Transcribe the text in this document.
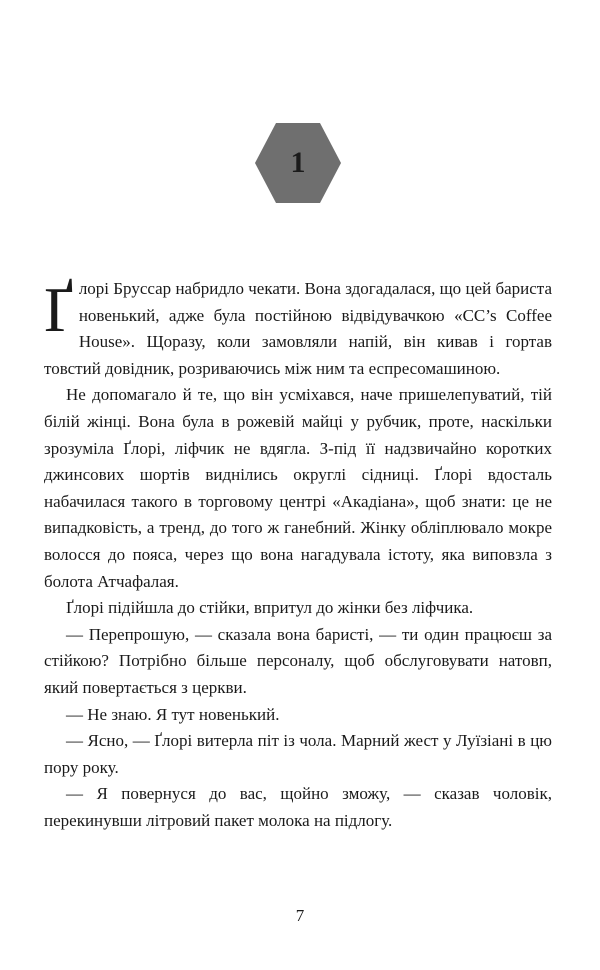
1

Ґлорі Бруссар набридло чекати. Вона здогадалася, що цей бариста новенький, адже була постійною відвідувачкою «CC’s Coffee House». Щоразу, коли замовляли напій, він кивав і гортав товстий довідник, розриваючись між ним та еспресомашиною.

Не допомагало й те, що він усміхався, наче пришелепуватий, тій білій жінці. Вона була в рожевій майці у рубчик, проте, наскільки зрозуміла Ґлорі, ліфчик не вдягла. З-під її надзвичайно коротких джинсових шортів виднілись округлі сідниці. Ґлорі вдосталь набачилася такого в торговому центрі «Акадіана», щоб знати: це не випадковість, а тренд, до того ж ганебний. Жінку обліплювало мокре волосся до пояса, через що вона нагадувала істоту, яка виповзла з болота Атчафалая.

Ґлорі підійшла до стійки, впритул до жінки без ліфчика.

— Перепрошую, — сказала вона баристі, — ти один працюєш за стійкою? Потрібно більше персоналу, щоб обслуговувати натовп, який повертається з церкви.

— Не знаю. Я тут новенький.

— Ясно, — Ґлорі витерла піт із чола. Марний жест у Луїзіані в цю пору року.

— Я повернуся до вас, щойно зможу, — сказав чоловік, перекинувши літровий пакет молока на підлогу.

7
